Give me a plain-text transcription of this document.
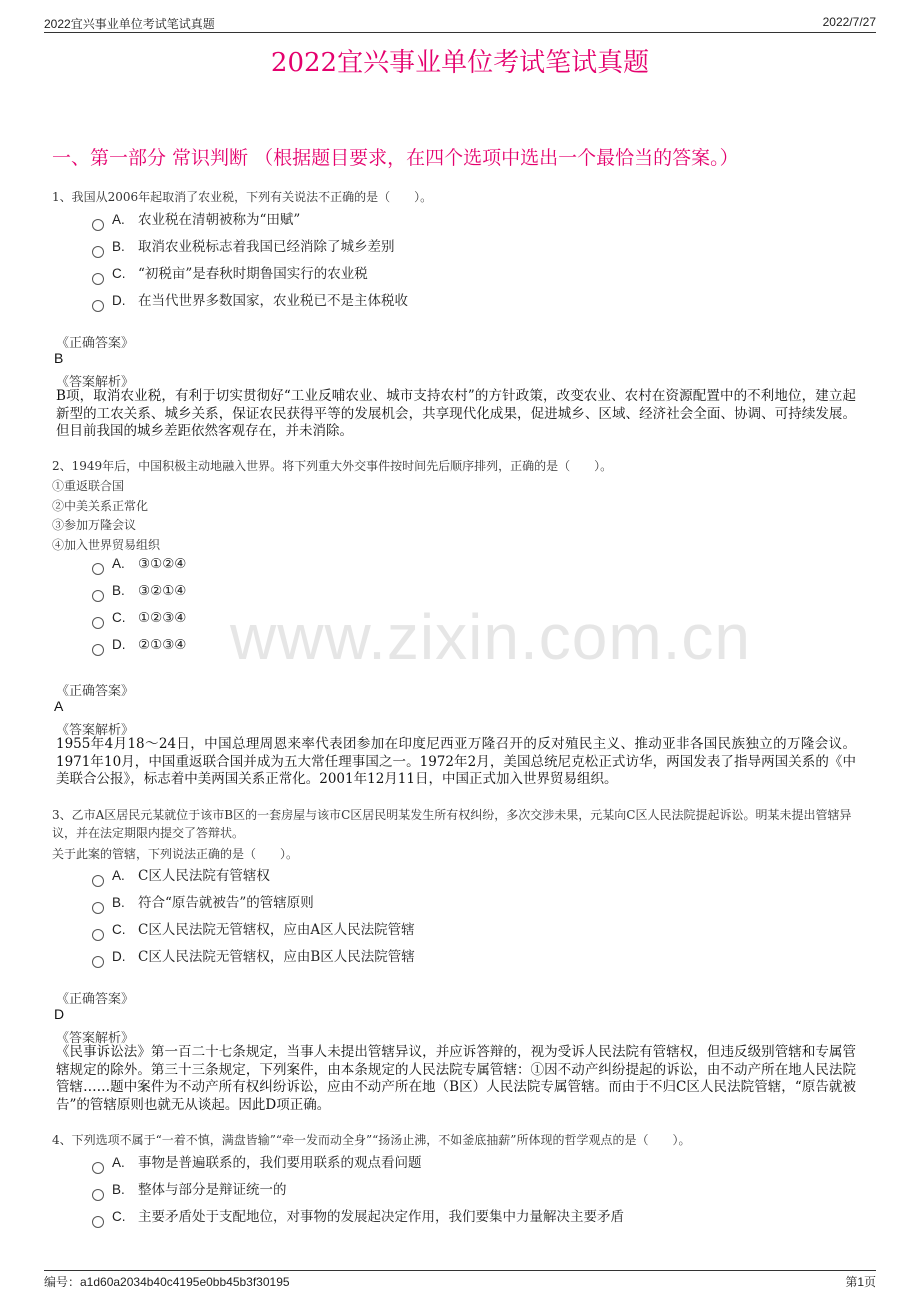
2022宜兴事业单位考试笔试真题	2022/7/27
2022宜兴事业单位考试笔试真题
一、第一部分 常识判断 （根据题目要求，在四个选项中选出一个最恰当的答案。）
www.zixin.com.cn
1、我国从2006年起取消了农业税，下列有关说法不正确的是（　　）。
A. 农业税在清朝被称为“田赋”
B. 取消农业税标志着我国已经消除了城乡差别
C. “初税亩”是春秋时期鲁国实行的农业税
D. 在当代世界多数国家，农业税已不是主体税收
《正确答案》
B
《答案解析》
B项，取消农业税，有利于切实贯彻好“工业反哺农业、城市支持农村”的方针政策，改变农业、农村在资源配置中的不利地位，建立起新型的工农关系、城乡关系，保证农民获得平等的发展机会，共享现代化成果，促进城乡、区域、经济社会全面、协调、可持续发展。但目前我国的城乡差距依然客观存在，并未消除。
2、1949年后，中国积极主动地融入世界。将下列重大外交事件按时间先后顺序排列，正确的是（　　）。
①重返联合国
②中美关系正常化
③参加万隆会议
④加入世界贸易组织
A. ③①②④
B. ③②①④
C. ①②③④
D. ②①③④
《正确答案》
A
《答案解析》
1955年4月18～24日，中国总理周恩来率代表团参加在印度尼西亚万隆召开的反对殖民主义、推动亚非各国民族独立的万隆会议。1971年10月，中国重返联合国并成为五大常任理事国之一。1972年2月，美国总统尼克松正式访华，两国发表了指导两国关系的《中美联合公报》，标志着中美两国关系正常化。2001年12月11日，中国正式加入世界贸易组织。
3、乙市A区居民元某就位于该市B区的一套房屋与该市C区居民明某发生所有权纠纷，多次交涉未果，元某向C区人民法院提起诉讼。明某未提出管辖异议，并在法定期限内提交了答辩状。
关于此案的管辖，下列说法正确的是（　　）。
A. C区人民法院有管辖权
B. 符合“原告就被告”的管辖原则
C. C区人民法院无管辖权，应由A区人民法院管辖
D. C区人民法院无管辖权，应由B区人民法院管辖
《正确答案》
D
《答案解析》
《民事诉讼法》第一百二十七条规定，当事人未提出管辖异议，并应诉答辩的，视为受诉人民法院有管辖权，但违反级别管辖和专属管辖规定的除外。第三十三条规定，下列案件，由本条规定的人民法院专属管辖：①因不动产纠纷提起的诉讼，由不动产所在地人民法院管辖……题中案件为不动产所有权纠纷诉讼，应由不动产所在地（B区）人民法院专属管辖。而由于不归C区人民法院管辖，“原告就被告”的管辖原则也就无从谈起。因此D项正确。
4、下列选项不属于“一着不慎，满盘皆输”“牵一发而动全身”“扬汤止沸，不如釜底抽薪”所体现的哲学观点的是（　　）。
A. 事物是普遍联系的，我们要用联系的观点看问题
B. 整体与部分是辩证统一的
C. 主要矛盾处于支配地位，对事物的发展起决定作用，我们要集中力量解决主要矛盾
编号：a1d60a2034b40c4195e0bb45b3f30195	第1页
